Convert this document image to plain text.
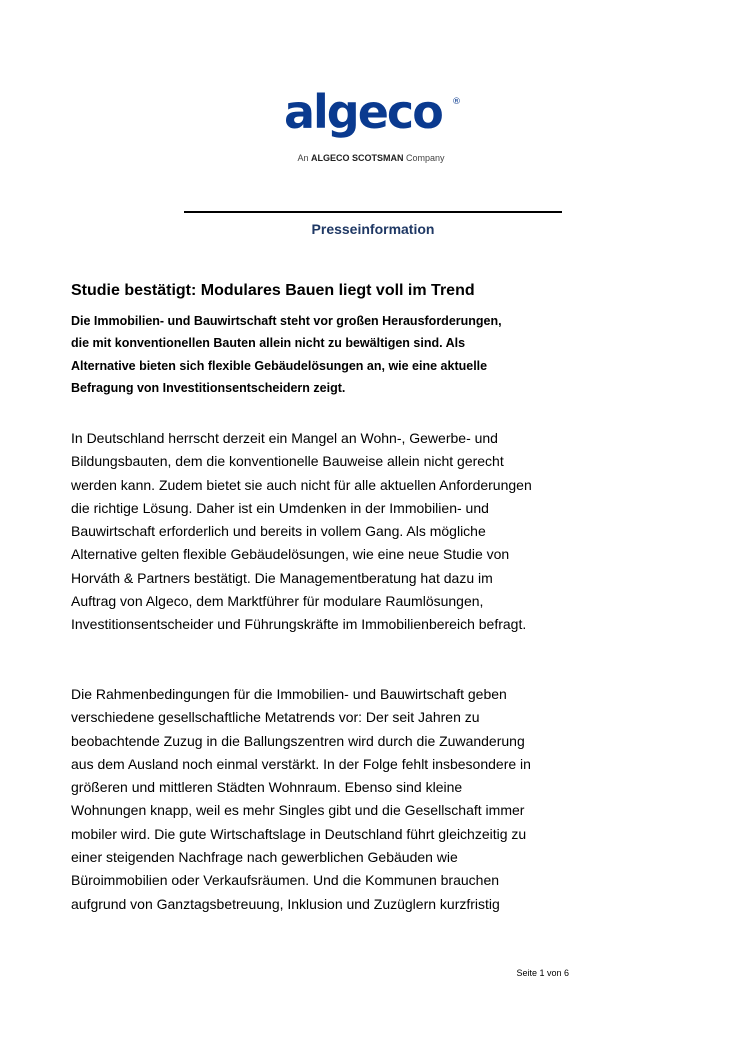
algeco ®
An ALGECO SCOTSMAN Company
Presseinformation
Studie bestätigt: Modulares Bauen liegt voll im Trend
Die Immobilien- und Bauwirtschaft steht vor großen Herausforderungen,
die mit konventionellen Bauten allein nicht zu bewältigen sind. Als
Alternative bieten sich flexible Gebäudelösungen an, wie eine aktuelle
Befragung von Investitionsentscheidern zeigt.
In Deutschland herrscht derzeit ein Mangel an Wohn-, Gewerbe- und
Bildungsbauten, dem die konventionelle Bauweise allein nicht gerecht
werden kann. Zudem bietet sie auch nicht für alle aktuellen Anforderungen
die richtige Lösung. Daher ist ein Umdenken in der Immobilien- und
Bauwirtschaft erforderlich und bereits in vollem Gang. Als mögliche
Alternative gelten flexible Gebäudelösungen, wie eine neue Studie von
Horváth & Partners bestätigt. Die Managementberatung hat dazu im
Auftrag von Algeco, dem Marktführer für modulare Raumlösungen,
Investitionsentscheider und Führungskräfte im Immobilienbereich befragt.
Die Rahmenbedingungen für die Immobilien- und Bauwirtschaft geben
verschiedene gesellschaftliche Metatrends vor: Der seit Jahren zu
beobachtende Zuzug in die Ballungszentren wird durch die Zuwanderung
aus dem Ausland noch einmal verstärkt. In der Folge fehlt insbesondere in
größeren und mittleren Städten Wohnraum. Ebenso sind kleine
Wohnungen knapp, weil es mehr Singles gibt und die Gesellschaft immer
mobiler wird. Die gute Wirtschaftslage in Deutschland führt gleichzeitig zu
einer steigenden Nachfrage nach gewerblichen Gebäuden wie
Büroimmobilien oder Verkaufsräumen. Und die Kommunen brauchen
aufgrund von Ganztagsbetreuung, Inklusion und Zuzüglern kurzfristig
Seite 1 von 6
